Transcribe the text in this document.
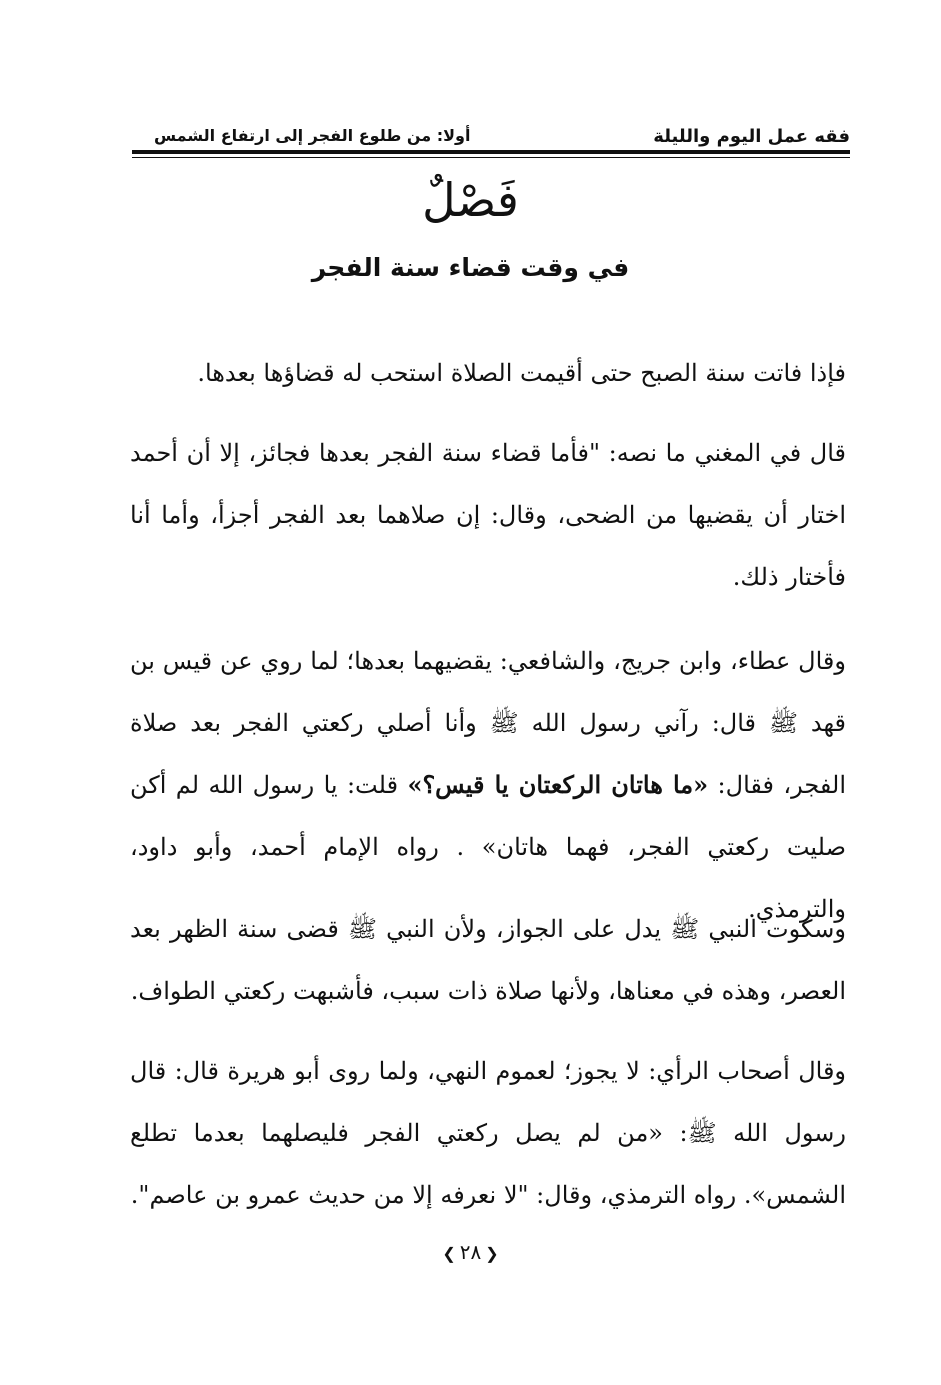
فقه عمل اليوم والليلة
أولا: من طلوع الفجر إلى ارتفاع الشمس
فَصْلٌ
في وقت قضاء سنة الفجر

فإذا فاتت سنة الصبح حتى أقيمت الصلاة استحب له قضاؤها بعدها.

قال في المغني ما نصه: "فأما قضاء سنة الفجر بعدها فجائز، إلا أن أحمد اختار أن يقضيها من الضحى، وقال: إن صلاهما بعد الفجر أجزأ، وأما أنا فأختار ذلك.

وقال عطاء، وابن جريج، والشافعي: يقضيهما بعدها؛ لما روي عن قيس بن قهد ﷺ قال: رآني رسول الله ﷺ وأنا أصلي ركعتي الفجر بعد صلاة الفجر، فقال: «ما هاتان الركعتان يا قيس؟» قلت: يا رسول الله لم أكن صليت ركعتي الفجر، فهما هاتان» . رواه الإمام أحمد، وأبو داود، والترمذي.

وسكوت النبي ﷺ يدل على الجواز، ولأن النبي ﷺ قضى سنة الظهر بعد العصر، وهذه في معناها، ولأنها صلاة ذات سبب، فأشبهت ركعتي الطواف.

وقال أصحاب الرأي: لا يجوز؛ لعموم النهي، ولما روى أبو هريرة قال: قال رسول الله ﷺ: «من لم يصل ركعتي الفجر فليصلهما بعدما تطلع الشمس». رواه الترمذي، وقال: "لا نعرفه إلا من حديث عمرو بن عاصم".

❮٢٨❯
